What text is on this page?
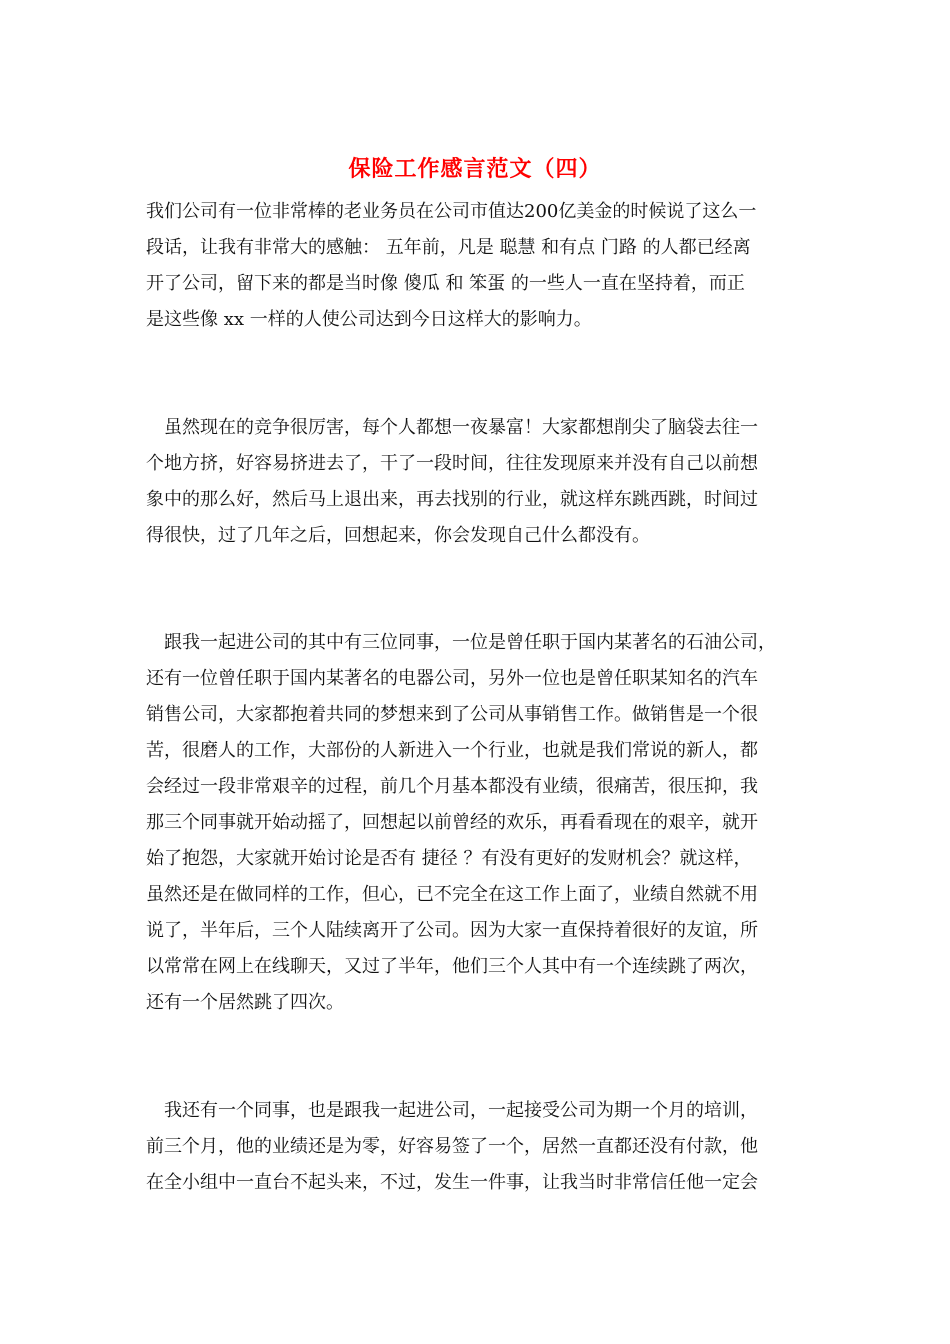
保险工作感言范文（四）
我们公司有一位非常棒的老业务员在公司市值达200亿美金的时候说了这么一
段话，让我有非常大的感触： 五年前，凡是 聪慧 和有点 门路 的人都已经离
开了公司，留下来的都是当时像 傻瓜 和 笨蛋 的一些人一直在坚持着，而正
是这些像 xx 一样的人使公司达到今日这样大的影响力。
　虽然现在的竞争很厉害，每个人都想一夜暴富！大家都想削尖了脑袋去往一
个地方挤，好容易挤进去了，干了一段时间，往往发现原来并没有自己以前想
象中的那么好，然后马上退出来，再去找别的行业，就这样东跳西跳，时间过
得很快，过了几年之后，回想起来，你会发现自己什么都没有。
　跟我一起进公司的其中有三位同事，一位是曾任职于国内某著名的石油公司，
还有一位曾任职于国内某著名的电器公司，另外一位也是曾任职某知名的汽车
销售公司，大家都抱着共同的梦想来到了公司从事销售工作。做销售是一个很
苦，很磨人的工作，大部份的人新进入一个行业，也就是我们常说的新人，都
会经过一段非常艰辛的过程，前几个月基本都没有业绩，很痛苦，很压抑，我
那三个同事就开始动摇了，回想起以前曾经的欢乐，再看看现在的艰辛，就开
始了抱怨，大家就开始讨论是否有 捷径 ？有没有更好的发财机会？就这样，
虽然还是在做同样的工作，但心，已不完全在这工作上面了，业绩自然就不用
说了，半年后，三个人陆续离开了公司。因为大家一直保持着很好的友谊，所
以常常在网上在线聊天，又过了半年，他们三个人其中有一个连续跳了两次，
还有一个居然跳了四次。
　我还有一个同事，也是跟我一起进公司，一起接受公司为期一个月的培训，
前三个月，他的业绩还是为零，好容易签了一个，居然一直都还没有付款，他
在全小组中一直台不起头来，不过，发生一件事，让我当时非常信任他一定会
